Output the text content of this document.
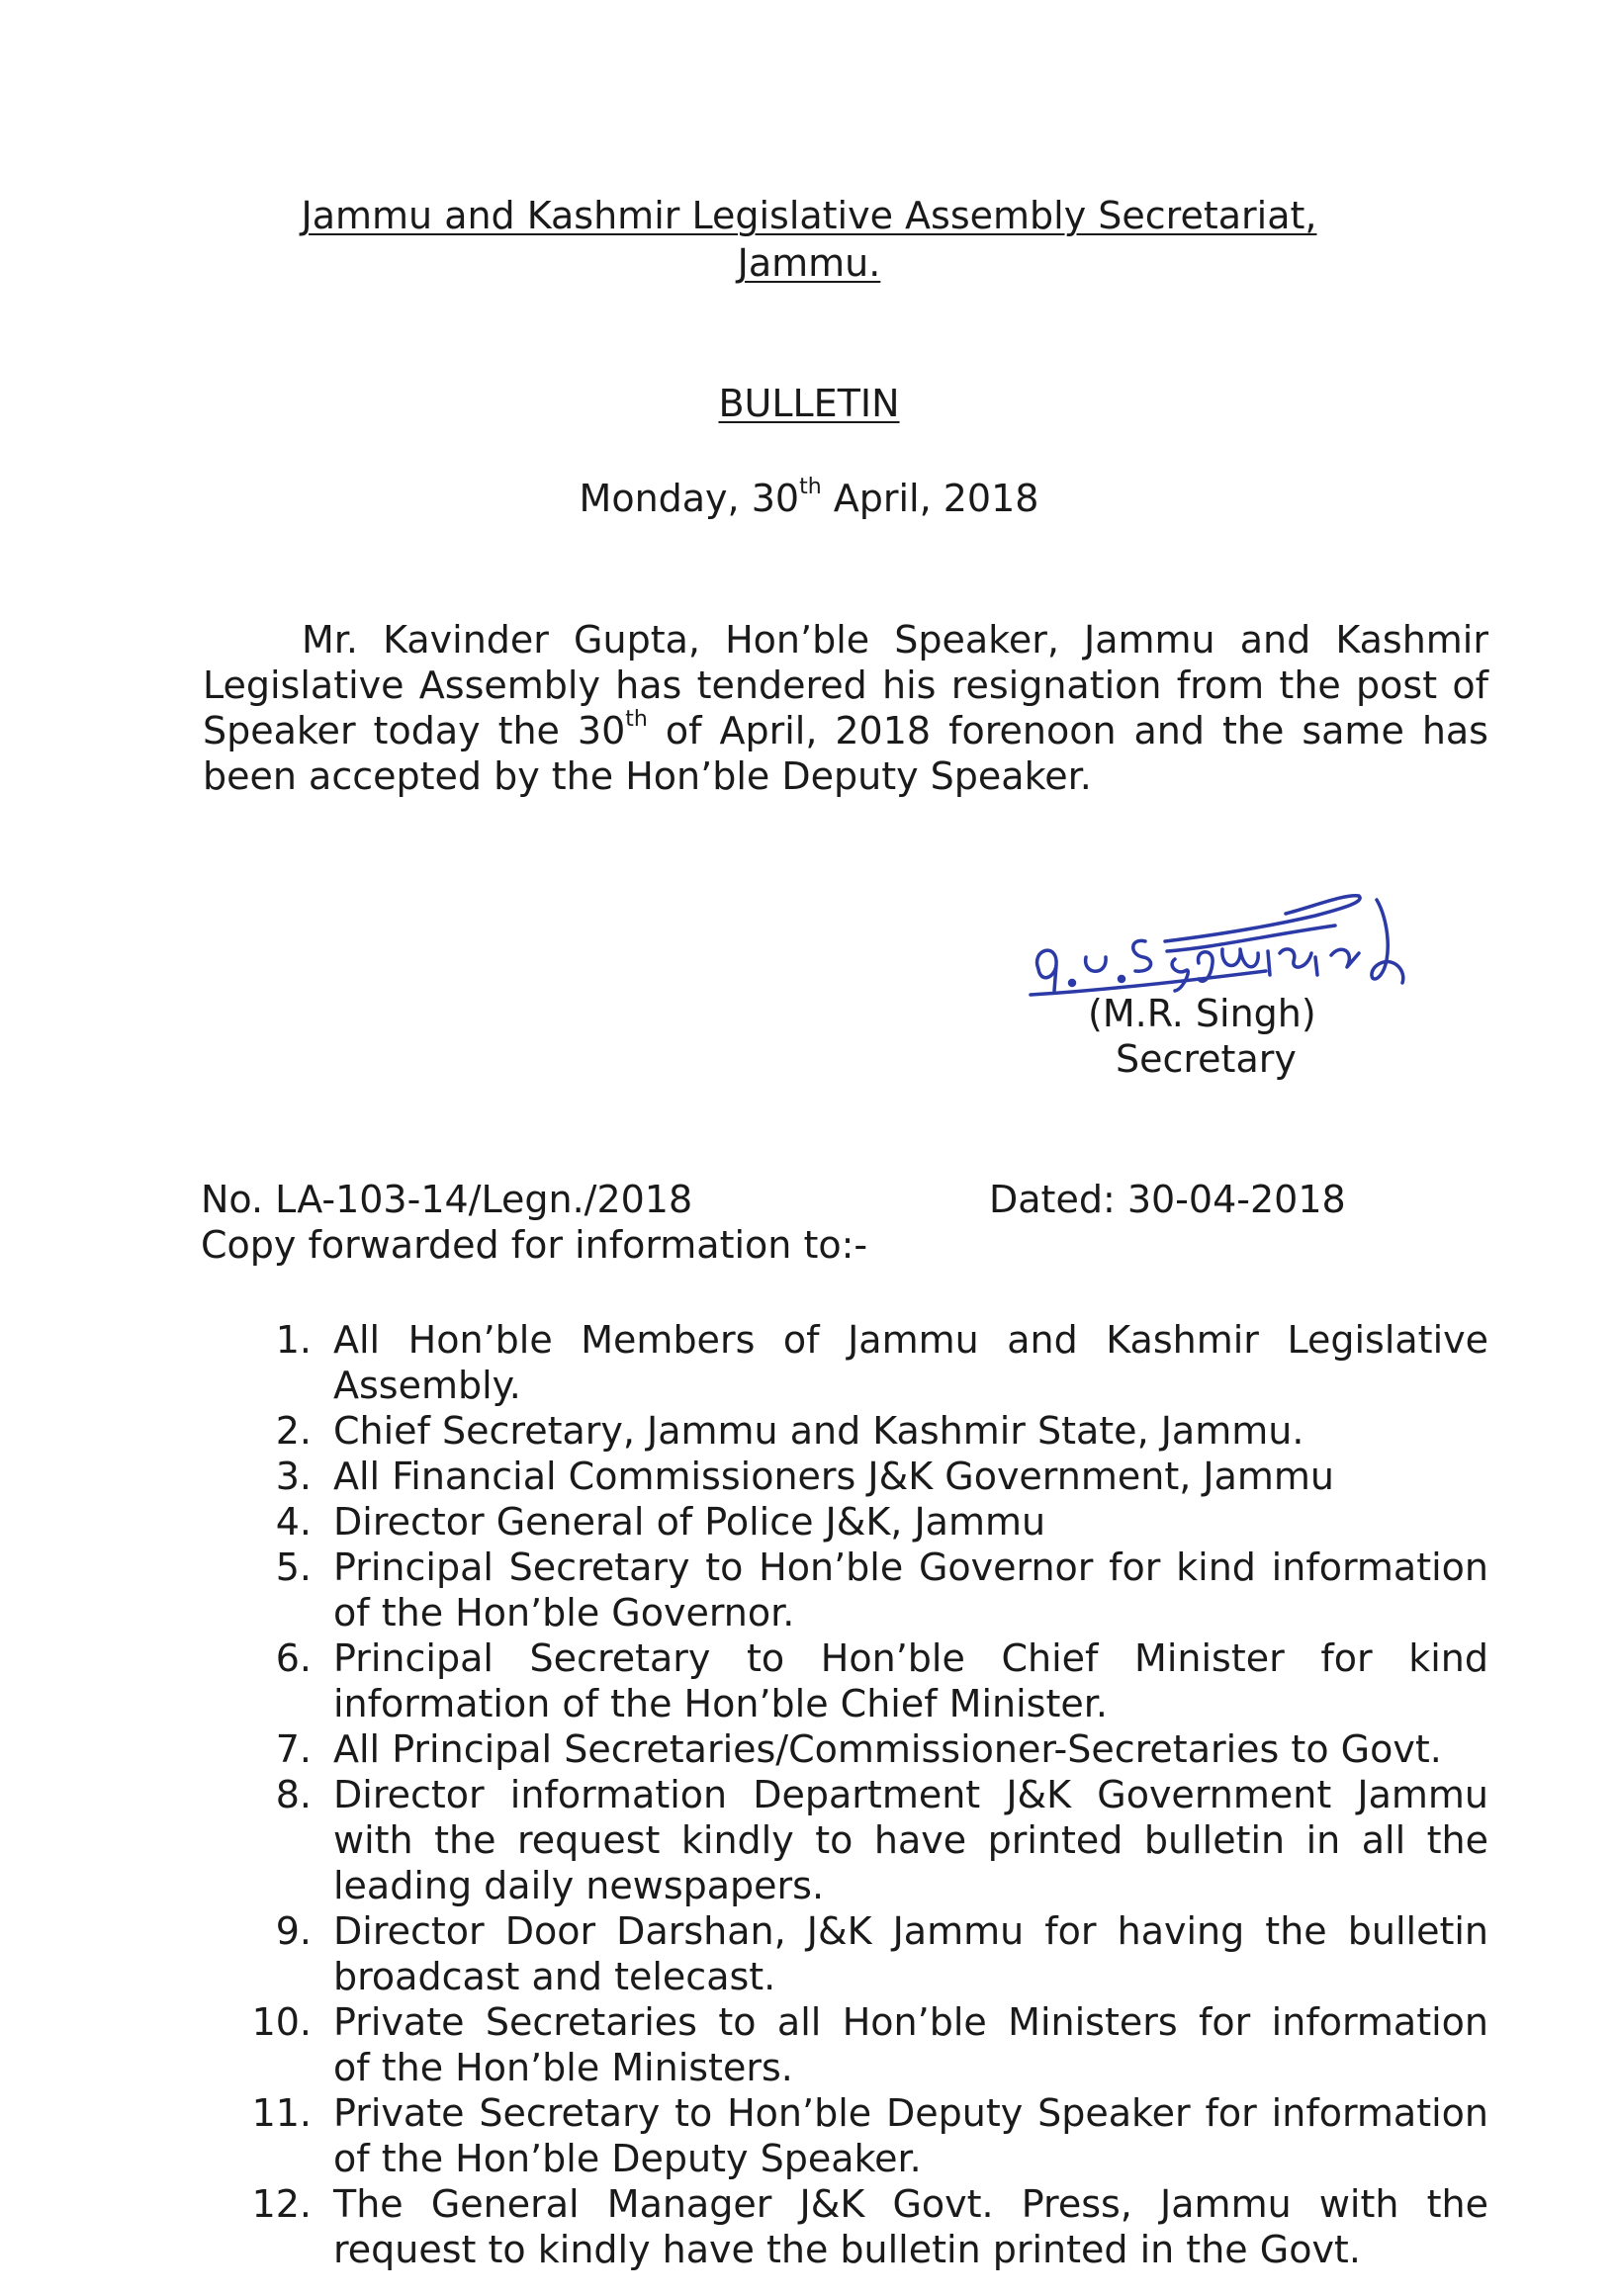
Jammu and Kashmir Legislative Assembly Secretariat,
Jammu.
BULLETIN
Monday, 30th April, 2018
Mr. Kavinder Gupta, Hon’ble Speaker, Jammu and Kashmir
Legislative Assembly has tendered his resignation from the post of
Speaker today the 30th of April, 2018 forenoon and the same has
been accepted by the Hon’ble Deputy Speaker.
(M.R. Singh)
Secretary
No. LA-103-14/Legn./2018	Dated: 30-04-2018
Copy forwarded for information to:-
1. All Hon’ble Members of Jammu and Kashmir Legislative
Assembly.
2. Chief Secretary, Jammu and Kashmir State, Jammu.
3. All Financial Commissioners J&K Government, Jammu
4. Director General of Police J&K, Jammu
5. Principal Secretary to Hon’ble Governor for kind information
of the Hon’ble Governor.
6. Principal Secretary to Hon’ble Chief Minister for kind
information of the Hon’ble Chief Minister.
7. All Principal Secretaries/Commissioner-Secretaries to Govt.
8. Director information Department J&K Government Jammu
with the request kindly to have printed bulletin in all the
leading daily newspapers.
9. Director Door Darshan, J&K Jammu for having the bulletin
broadcast and telecast.
10. Private Secretaries to all Hon’ble Ministers for information
of the Hon’ble Ministers.
11. Private Secretary to Hon’ble Deputy Speaker for information
of the Hon’ble Deputy Speaker.
12. The General Manager J&K Govt. Press, Jammu with the
request to kindly have the bulletin printed in the Govt.
